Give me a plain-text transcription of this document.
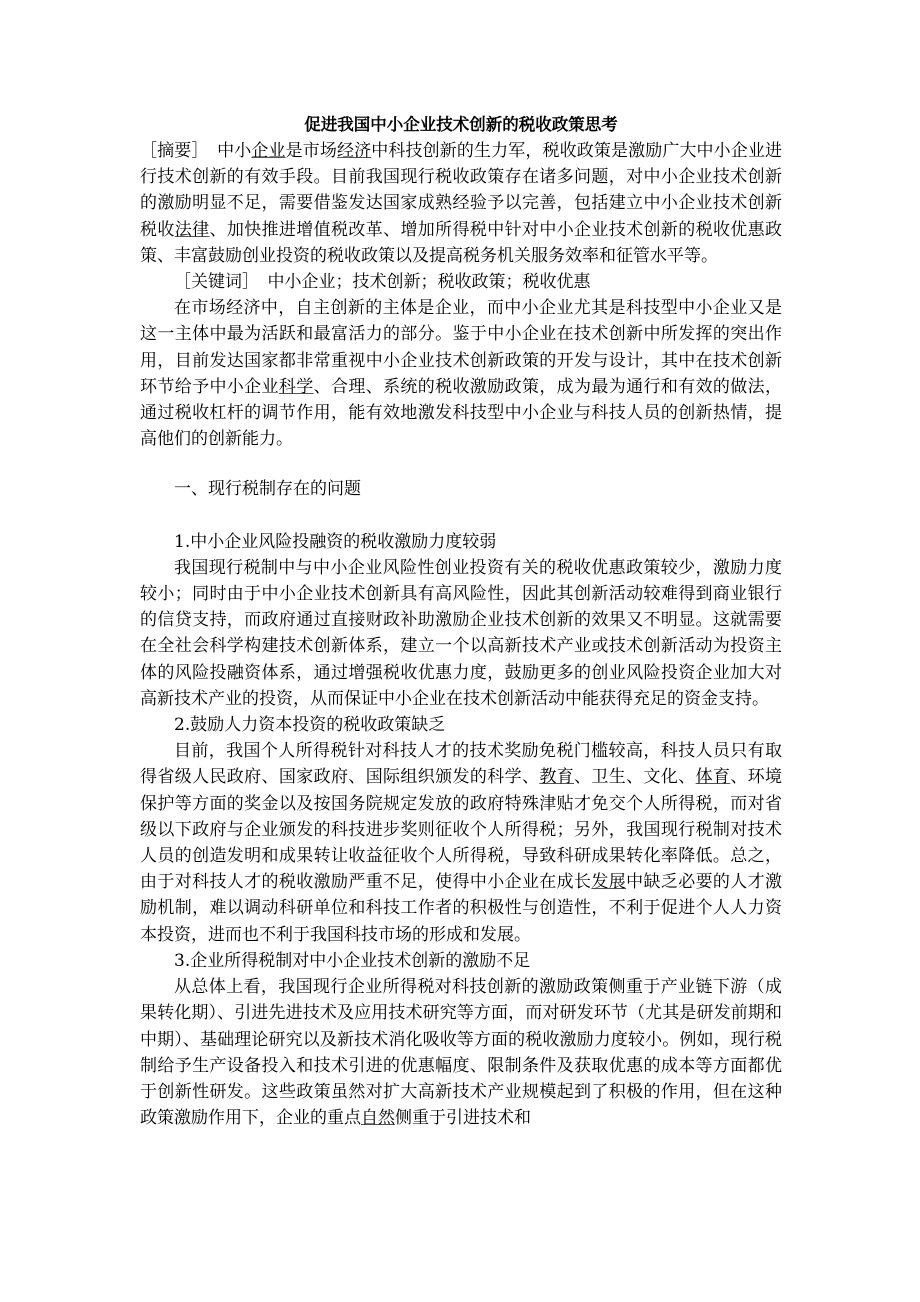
促进我国中小企业技术创新的税收政策思考

［摘要］　中小企业是市场经济中科技创新的生力军，税收政策是激励广大中小企业进行技术创新的有效手段。目前我国现行税收政策存在诸多问题，对中小企业技术创新的激励明显不足，需要借鉴发达国家成熟经验予以完善，包括建立中小企业技术创新税收法律、加快推进增值税改革、增加所得税中针对中小企业技术创新的税收优惠政策、丰富鼓励创业投资的税收政策以及提高税务机关服务效率和征管水平等。

［关键词］　中小企业；技术创新；税收政策；税收优惠

在市场经济中，自主创新的主体是企业，而中小企业尤其是科技型中小企业又是这一主体中最为活跃和最富活力的部分。鉴于中小企业在技术创新中所发挥的突出作用，目前发达国家都非常重视中小企业技术创新政策的开发与设计，其中在技术创新环节给予中小企业科学、合理、系统的税收激励政策，成为最为通行和有效的做法，通过税收杠杆的调节作用，能有效地激发科技型中小企业与科技人员的创新热情，提高他们的创新能力。

一、现行税制存在的问题

1.中小企业风险投融资的税收激励力度较弱

我国现行税制中与中小企业风险性创业投资有关的税收优惠政策较少，激励力度较小；同时由于中小企业技术创新具有高风险性，因此其创新活动较难得到商业银行的信贷支持，而政府通过直接财政补助激励企业技术创新的效果又不明显。这就需要在全社会科学构建技术创新体系，建立一个以高新技术产业或技术创新活动为投资主体的风险投融资体系，通过增强税收优惠力度，鼓励更多的创业风险投资企业加大对高新技术产业的投资，从而保证中小企业在技术创新活动中能获得充足的资金支持。

2.鼓励人力资本投资的税收政策缺乏

目前，我国个人所得税针对科技人才的技术奖励免税门槛较高，科技人员只有取得省级人民政府、国家政府、国际组织颁发的科学、教育、卫生、文化、体育、环境保护等方面的奖金以及按国务院规定发放的政府特殊津贴才免交个人所得税，而对省级以下政府与企业颁发的科技进步奖则征收个人所得税；另外，我国现行税制对技术人员的创造发明和成果转让收益征收个人所得税，导致科研成果转化率降低。总之，由于对科技人才的税收激励严重不足，使得中小企业在成长发展中缺乏必要的人才激励机制，难以调动科研单位和科技工作者的积极性与创造性，不利于促进个人人力资本投资，进而也不利于我国科技市场的形成和发展。

3.企业所得税制对中小企业技术创新的激励不足

从总体上看，我国现行企业所得税对科技创新的激励政策侧重于产业链下游（成果转化期）、引进先进技术及应用技术研究等方面，而对研发环节（尤其是研发前期和中期）、基础理论研究以及新技术消化吸收等方面的税收激励力度较小。例如，现行税制给予生产设备投入和技术引进的优惠幅度、限制条件及获取优惠的成本等方面都优于创新性研发。这些政策虽然对扩大高新技术产业规模起到了积极的作用，但在这种政策激励作用下，企业的重点自然侧重于引进技术和
